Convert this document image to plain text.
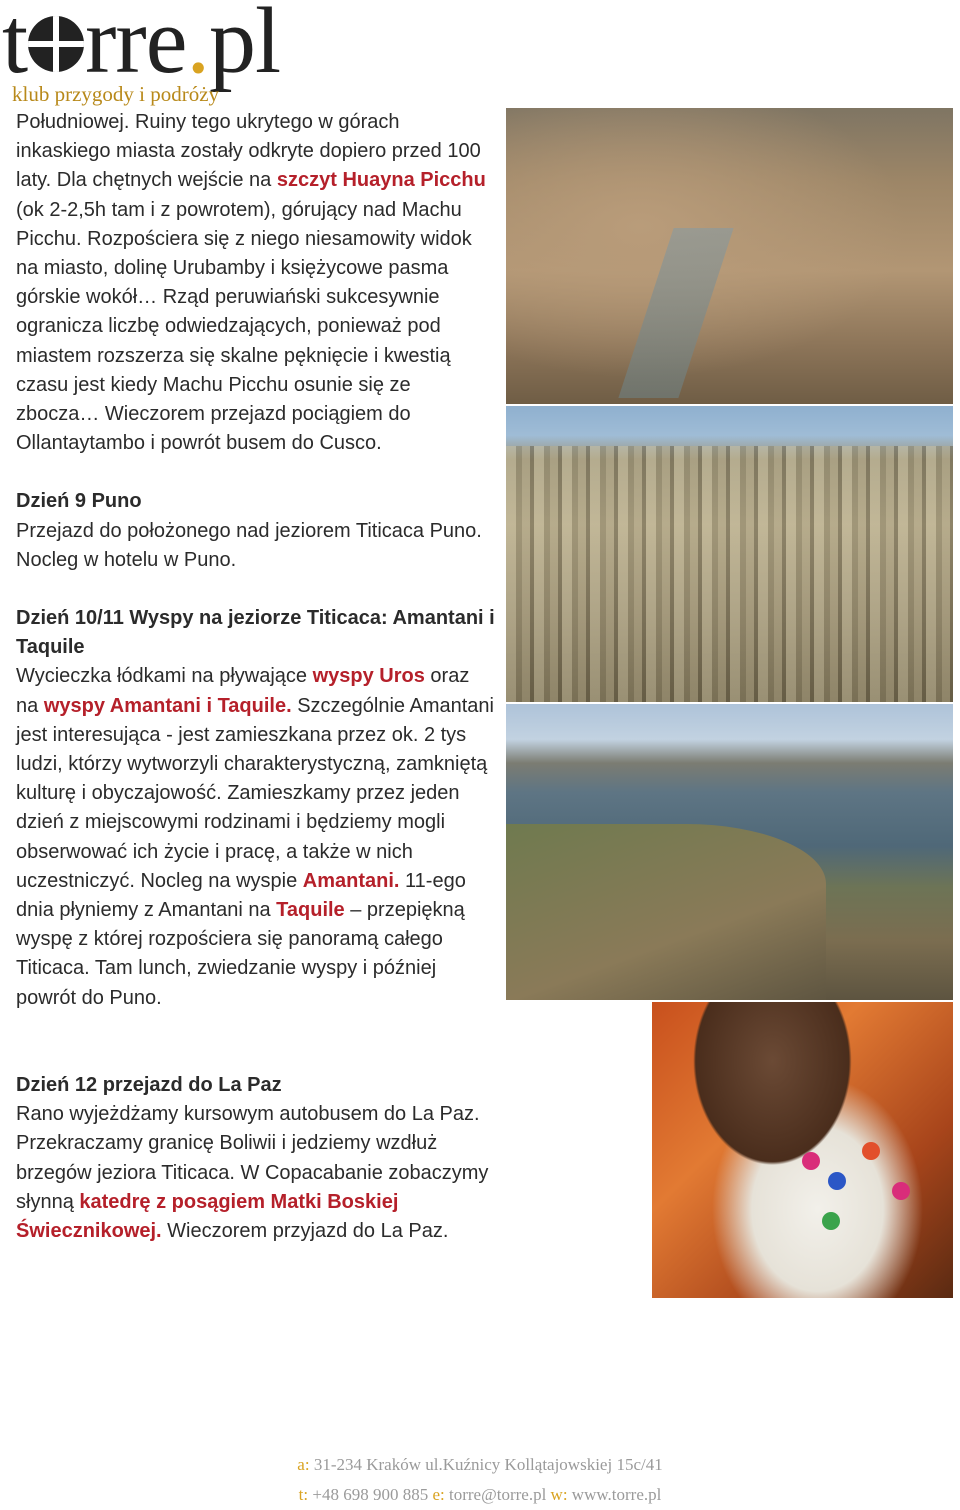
t rre.pl
klub przygody i podróży

Południowej. Ruiny tego ukrytego w górach inkaskiego miasta zostały odkryte dopiero przed 100 laty. Dla chętnych wejście na szczyt Huayna Picchu (ok 2-2,5h tam i z powrotem), górujący nad Machu Picchu. Rozpościera się z niego niesamowity widok na miasto, dolinę Urubamby i księżycowe pasma górskie wokół… Rząd peruwiański sukcesywnie ogranicza liczbę odwiedzających, ponieważ pod miastem rozszerza się skalne pęknięcie i kwestią czasu jest kiedy Machu Picchu osunie się ze zbocza… Wieczorem przejazd pociągiem do Ollantaytambo i powrót busem do Cusco.

Dzień 9 Puno

Przejazd do położonego nad jeziorem Titicaca Puno. Nocleg w hotelu w Puno.

Dzień 10/11 Wyspy na jeziorze Titicaca: Amantani i Taquile

Wycieczka łódkami na pływające wyspy Uros oraz na wyspy Amantani i Taquile. Szczególnie Amantani jest interesująca - jest zamieszkana przez ok. 2 tys ludzi, którzy wytworzyli charakterystyczną, zamkniętą kulturę i obyczajowość. Zamieszkamy przez jeden dzień z miejscowymi rodzinami i będziemy mogli obserwować ich życie i pracę, a także w nich uczestniczyć. Nocleg na wyspie Amantani. 11-ego dnia płyniemy z Amantani na Taquile – przepiękną wyspę z której rozpościera się panoramą całego Titicaca. Tam lunch, zwiedzanie wyspy i później powrót do Puno.

Dzień 12 przejazd do La Paz

Rano wyjeżdżamy kursowym autobusem do La Paz. Przekraczamy granicę Boliwii i jedziemy wzdłuż brzegów jeziora Titicaca. W Copacabanie zobaczymy słynną katedrę z posągiem Matki Boskiej Świecznikowej. Wieczorem przyjazd do La Paz.

a: 31-234 Kraków ul.Kuźnicy Kollątajowskiej 15c/41
t: +48 698 900 885 e: torre@torre.pl w: www.torre.pl
